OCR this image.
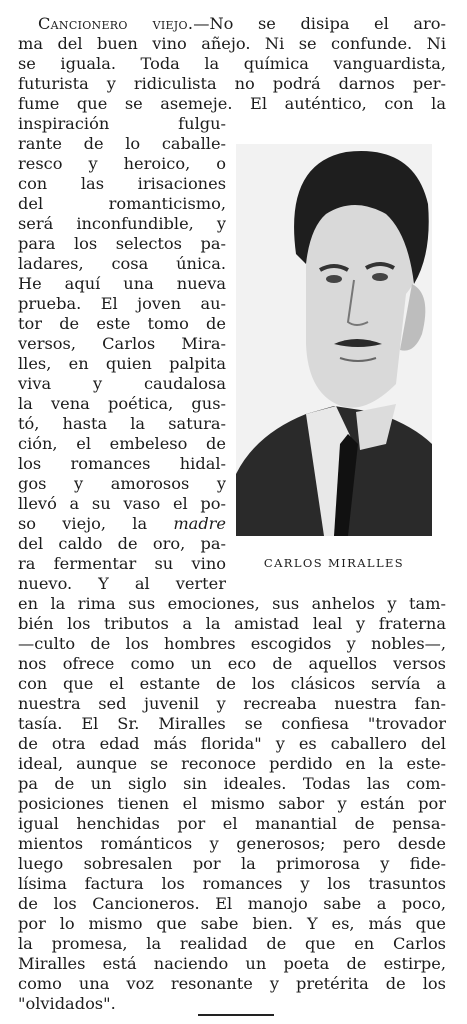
Cancionero viejo.—No se disipa el aro-
ma del buen vino añejo. Ni se confunde. Ni
se iguala. Toda la química vanguardista,
futurista y ridiculista no podrá darnos per-
fume que se asemeje. El auténtico, con la
inspiración fulgu-
rante de lo caballe-
resco y heroico, o
con las irisaciones
del romanticismo,
será inconfundible, y
para los selectos pa-
ladares, cosa única.
He aquí una nueva
prueba. El joven au-
tor de este tomo de
versos, Carlos Mira-
lles, en quien palpita
viva y caudalosa
la vena poética, gus-
tó, hasta la satura-
ción, el embeleso de
los romances hidal-
gos y amorosos y
llevó a su vaso el po-
so viejo, la madre
del caldo de oro, pa-
ra fermentar su vino
nuevo. Y al verter
en la rima sus emociones, sus anhelos y tam-
bién los tributos a la amistad leal y fraterna
—culto de los hombres escogidos y nobles—,
nos ofrece como un eco de aquellos versos
con que el estante de los clásicos servía a
nuestra sed juvenil y recreaba nuestra fan-
tasía. El Sr. Miralles se confiesa "trovador
de otra edad más florida" y es caballero del
ideal, aunque se reconoce perdido en la este-
pa de un siglo sin ideales. Todas las com-
posiciones tienen el mismo sabor y están por
igual henchidas por el manantial de pensa-
mientos románticos y generosos; pero desde
luego sobresalen por la primorosa y fide-
lísima factura los romances y los trasuntos
de los Cancioneros. El manojo sabe a poco,
por lo mismo que sabe bien. Y es, más que
la promesa, la realidad de que en Carlos
Miralles está naciendo un poeta de estirpe,
como una voz resonante y pretérita de los
"olvidados".
CARLOS MIRALLES
